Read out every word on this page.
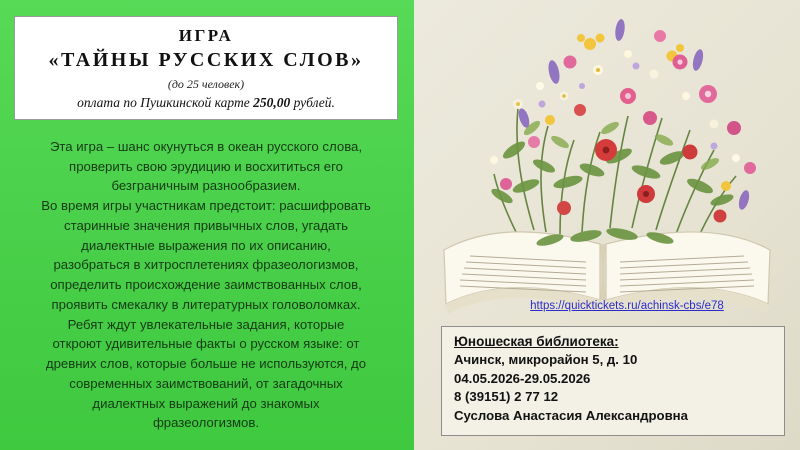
ИГРА
«ТАЙНЫ РУССКИХ СЛОВ»
(до 25 человек)
оплата по Пушкинской карте 250,00 рублей.

Эта игра – шанс окунуться в океан русского слова,

проверить свою эрудицию и восхититься его

безграничным разнообразием.

Во время игры участникам предстоит: расшифровать

старинные значения привычных слов, угадать

диалектные выражения по их описанию,

разобраться в хитросплетениях фразеологизмов,

определить происхождение заимствованных слов,

проявить смекалку в литературных головоломках.

Ребят ждут увлекательные задания, которые

откроют удивительные факты о русском языке: от

древних слов, которые больше не используются, до

современных заимствований, от загадочных

диалектных выражений до знакомых

фразеологизмов.

https://quicktickets.ru/achinsk-cbs/e78
Юношеская библиотека:
Ачинск, микрорайон 5, д. 10
04.05.2026-29.05.2026
8 (39151) 2 77 12
Суслова Анастасия Александровна
